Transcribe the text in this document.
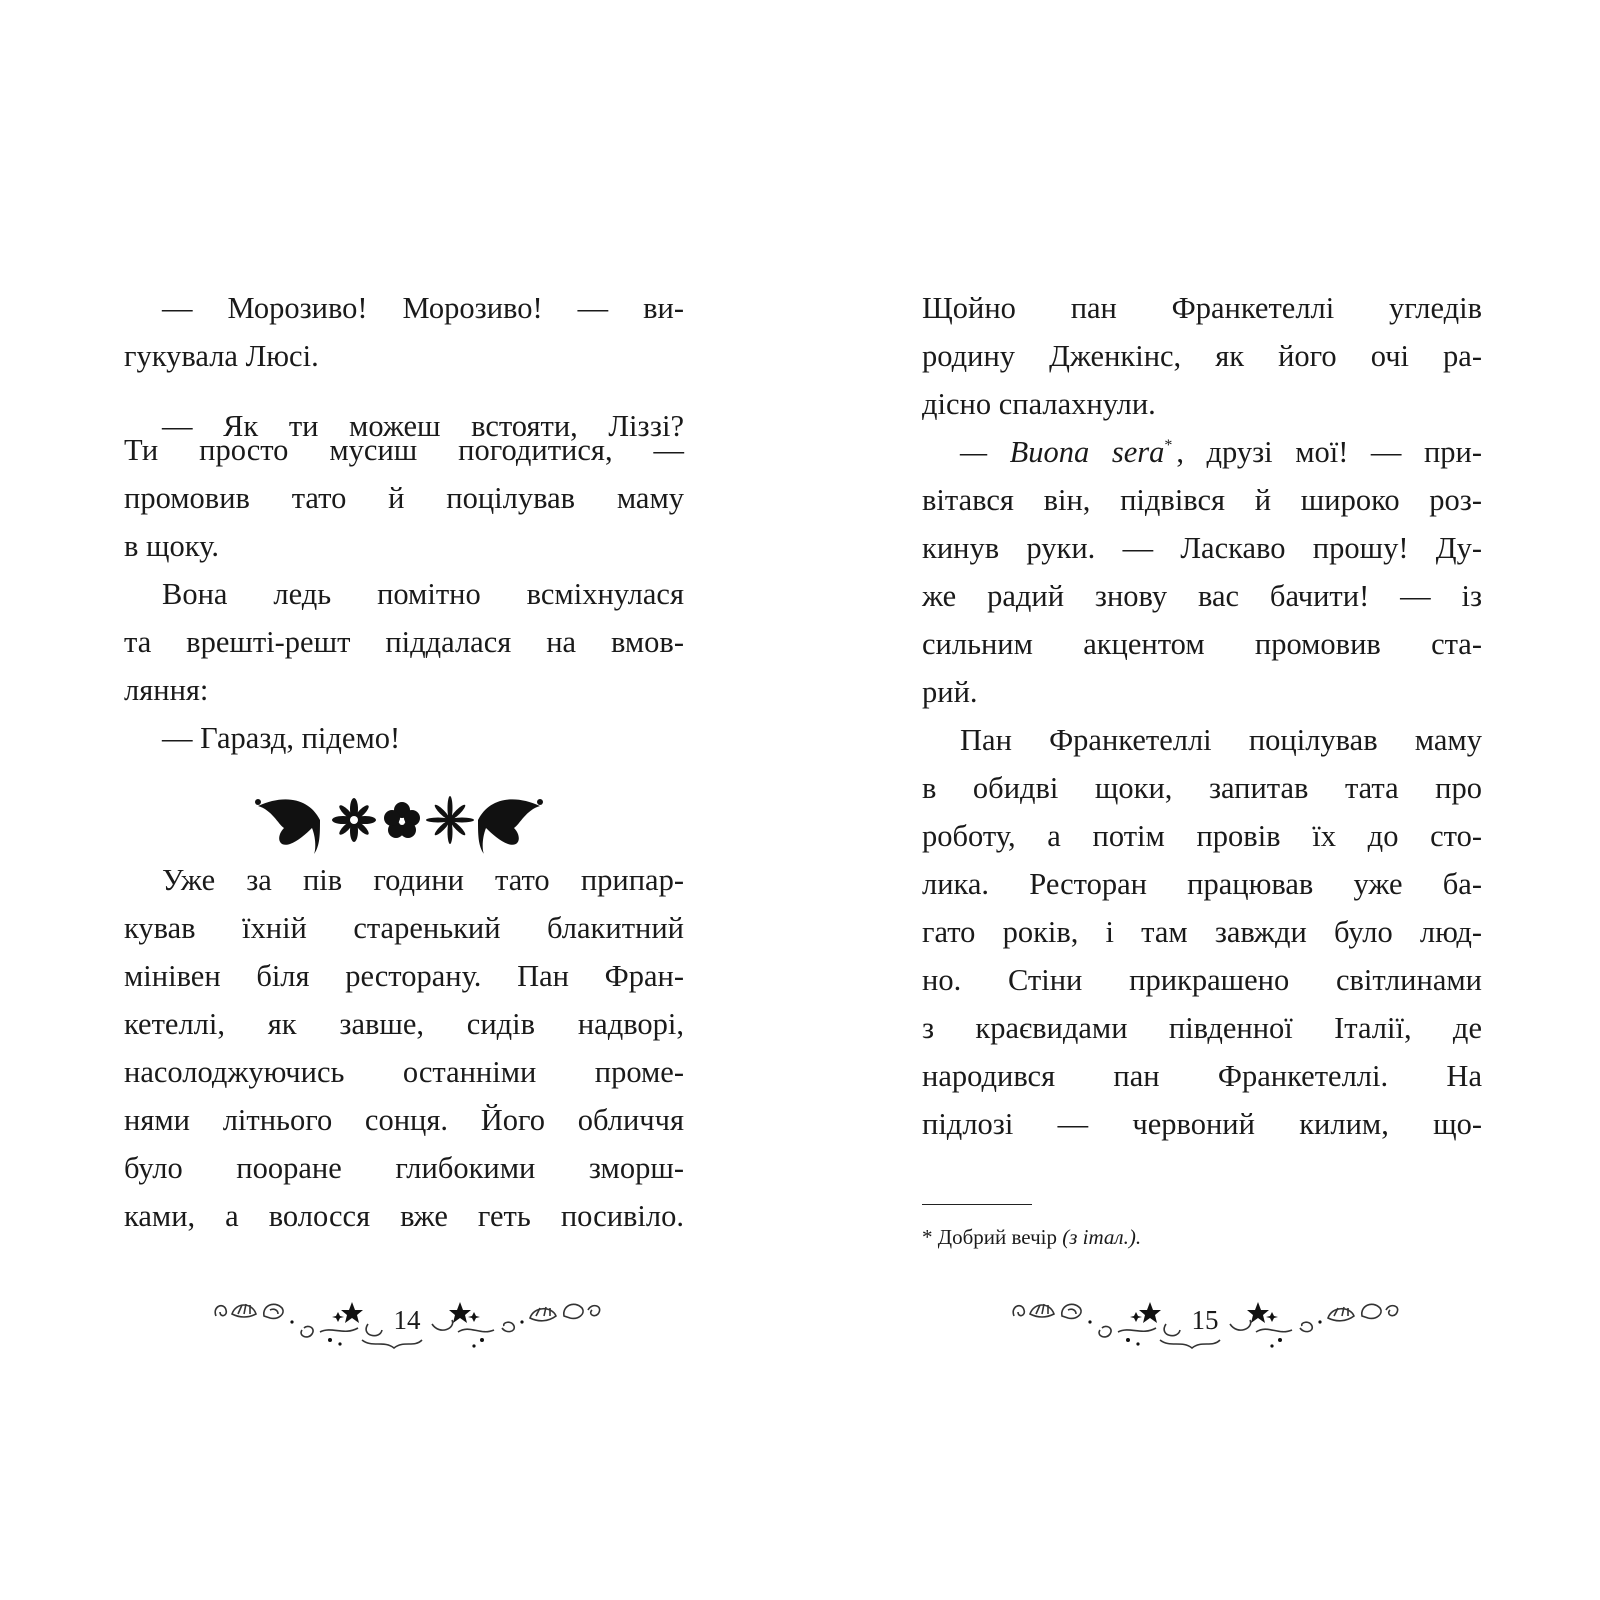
— Морозиво! Морозиво! — ви-
гукувала Люсі.
— Як ти можеш встояти, Ліззі?
Ти просто мусиш погодитися, —
промовив тато й поцілував маму
в щоку.
Вона ледь помітно всміхнулася
та врешті-решт піддалася на вмов-
ляння:
— Гаразд, підемо!
Уже за пів години тато припар-
кував їхній старенький блакитний
мінівен біля ресторану. Пан Фран-
кетеллі, як завше, сидів надворі,
насолоджуючись останніми проме-
нями літнього сонця. Його обличчя
було пооране глибокими зморш-
ками, а волосся вже геть посивіло.
14
Щойно пан Франкетеллі угледів
родину Дженкінс, як його очі ра-
дісно спалахнули.
— Buona sera* , друзі мої! — при-
вітався він, підвівся й широко роз-
кинув руки. — Ласкаво прошу! Ду-
же радий знову вас бачити! — із
сильним акцентом промовив ста-
рий.
Пан Франкетеллі поцілував маму
в обидві щоки, запитав тата про
роботу, а потім провів їх до сто-
лика. Ресторан працював уже ба-
гато років, і там завжди було люд-
но. Стіни прикрашено світлинами
з краєвидами південної Італії, де
народився пан Франкетеллі. На
підлозі — червоний килим, що-
* Добрий вечір (з італ.).
15
